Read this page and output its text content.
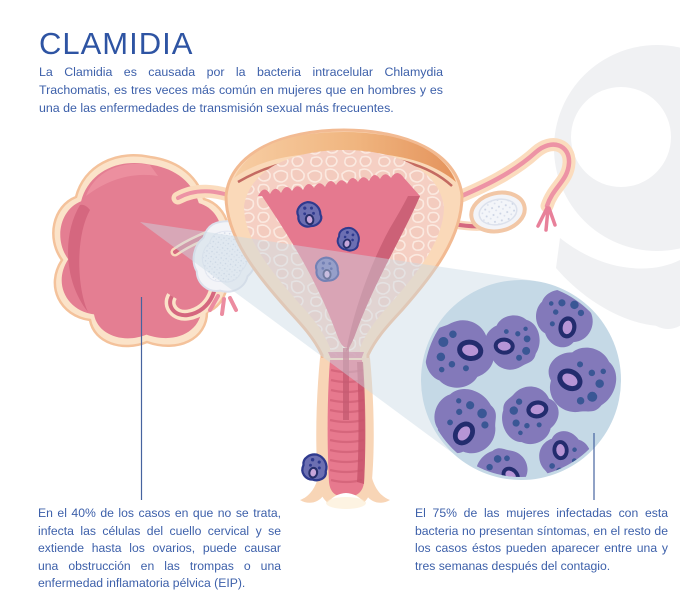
CLAMIDIA

La Clamidia es causada por la bacteria intracelular Chlamydia Trachomatis, es tres veces más común en mujeres que en hombres y es una de las enfermedades de transmisión sexual más frecuentes.

En el 40% de los casos en que no se trata, infecta las células del cuello cervical y se extiende hasta los ovarios, puede causar una obstrucción en las trompas o una enfermedad inflamatoria pélvica (EIP).

El 75% de las mujeres infectadas con esta bacteria no presentan síntomas, en el resto de los casos éstos pueden aparecer entre una y tres semanas después del contagio.
